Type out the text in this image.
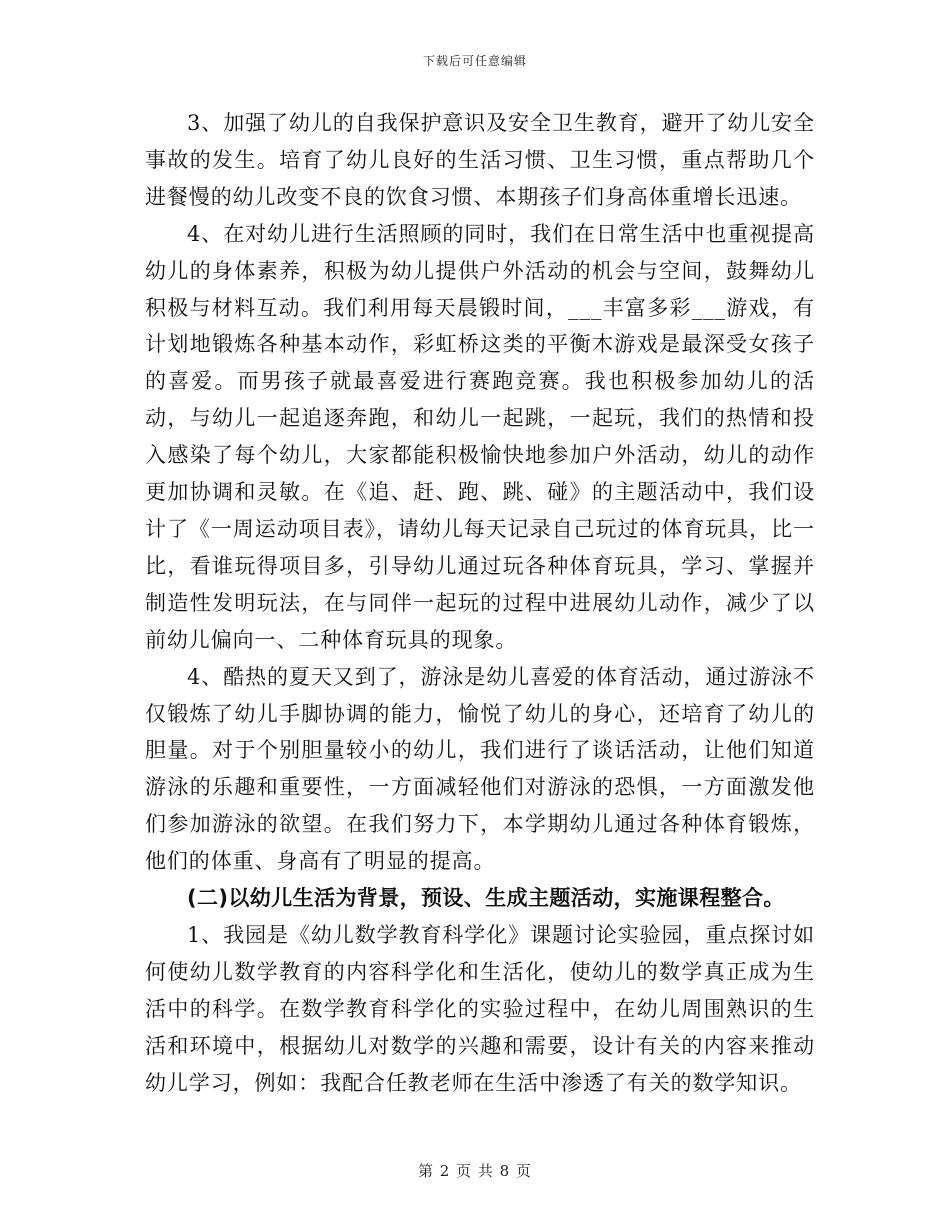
下载后可任意编辑

3、加强了幼儿的自我保护意识及安全卫生教育，避开了幼儿安全事故的发生。培育了幼儿良好的生活习惯、卫生习惯，重点帮助几个进餐慢的幼儿改变不良的饮食习惯、本期孩子们身高体重增长迅速。

4、在对幼儿进行生活照顾的同时，我们在日常生活中也重视提高幼儿的身体素养，积极为幼儿提供户外活动的机会与空间，鼓舞幼儿积极与材料互动。我们利用每天晨锻时间，___丰富多彩___游戏，有计划地锻炼各种基本动作，彩虹桥这类的平衡木游戏是最深受女孩子的喜爱。而男孩子就最喜爱进行赛跑竞赛。我也积极参加幼儿的活动，与幼儿一起追逐奔跑，和幼儿一起跳，一起玩，我们的热情和投入感染了每个幼儿，大家都能积极愉快地参加户外活动，幼儿的动作更加协调和灵敏。在《追、赶、跑、跳、碰》的主题活动中，我们设计了《一周运动项目表》，请幼儿每天记录自己玩过的体育玩具，比一比，看谁玩得项目多，引导幼儿通过玩各种体育玩具，学习、掌握并制造性发明玩法，在与同伴一起玩的过程中进展幼儿动作，减少了以前幼儿偏向一、二种体育玩具的现象。

4、酷热的夏天又到了，游泳是幼儿喜爱的体育活动，通过游泳不仅锻炼了幼儿手脚协调的能力，愉悦了幼儿的身心，还培育了幼儿的胆量。对于个别胆量较小的幼儿，我们进行了谈话活动，让他们知道游泳的乐趣和重要性，一方面减轻他们对游泳的恐惧，一方面激发他们参加游泳的欲望。在我们努力下，本学期幼儿通过各种体育锻炼，他们的体重、身高有了明显的提高。

(二)以幼儿生活为背景，预设、生成主题活动，实施课程整合。

1、我园是《幼儿数学教育科学化》课题讨论实验园，重点探讨如何使幼儿数学教育的内容科学化和生活化，使幼儿的数学真正成为生活中的科学。在数学教育科学化的实验过程中，在幼儿周围熟识的生活和环境中，根据幼儿对数学的兴趣和需要，设计有关的内容来推动幼儿学习，例如：我配合任教老师在生活中渗透了有关的数学知识。

第 2 页 共 8 页
